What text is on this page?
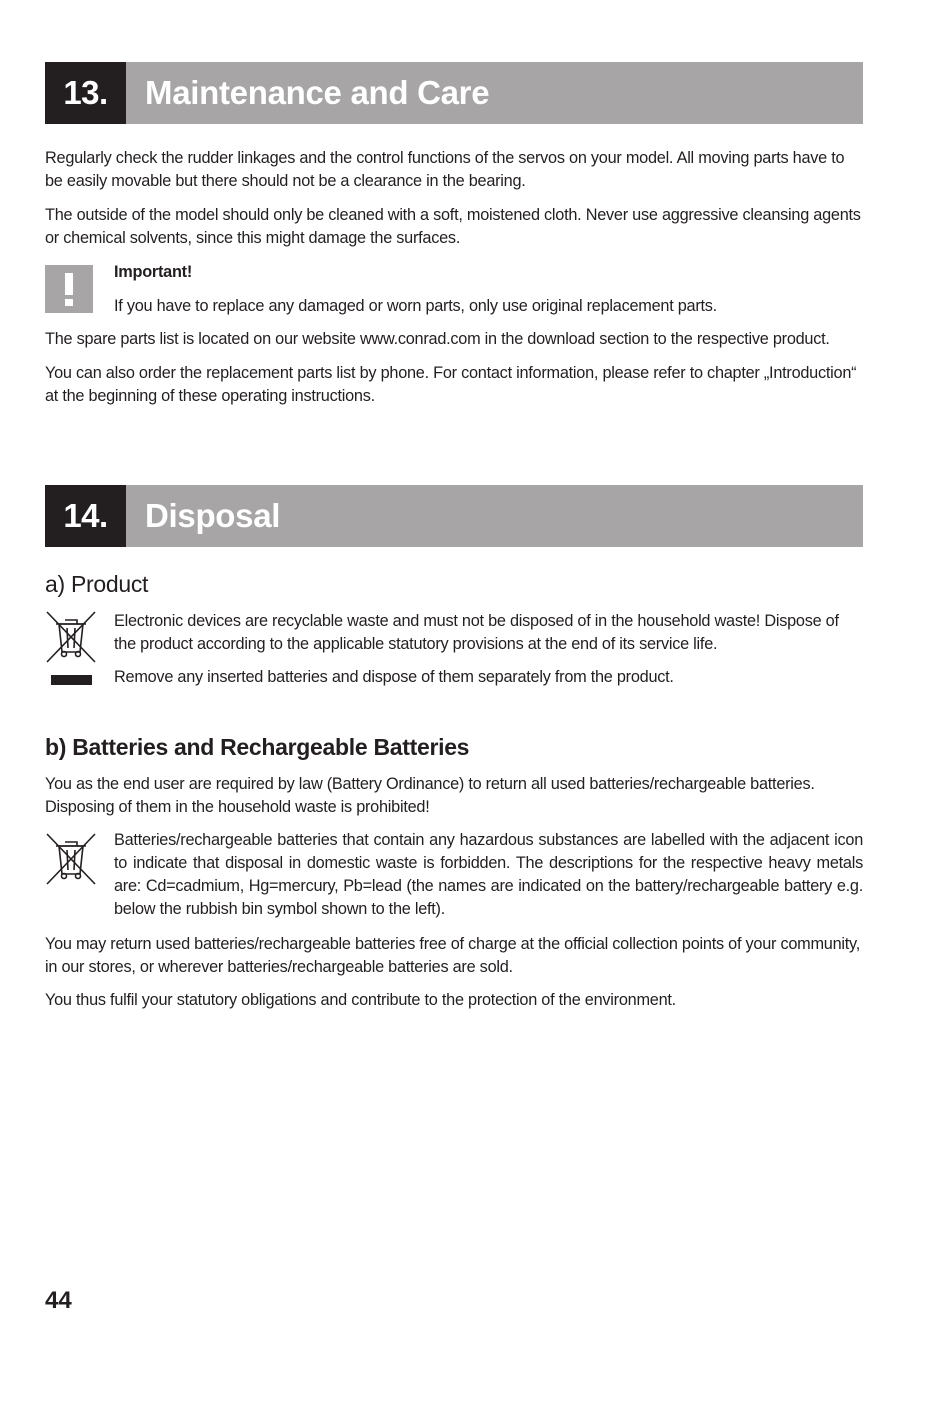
13.	Maintenance and Care

Regularly check the rudder linkages and the control functions of the servos on your model. All moving parts have to be easily movable but there should not be a clearance in the bearing.

The outside of the model should only be cleaned with a soft, moistened cloth. Never use aggressive cleansing agents or chemical solvents, since this might damage the surfaces.

Important!

If you have to replace any damaged or worn parts, only use original replacement parts.

The spare parts list is located on our website www.conrad.com in the download section to the respective product.

You can also order the replacement parts list by phone. For contact information, please refer to chapter „Introduction“ at the beginning of these operating instructions.

14.	Disposal
a) Product

Electronic devices are recyclable waste and must not be disposed of in the household waste! Dispose of the product according to the applicable statutory provisions at the end of its service life.

Remove any inserted batteries and dispose of them separately from the product.

b) Batteries and Rechargeable Batteries

You as the end user are required by law (Battery Ordinance) to return all used batteries/rechargeable batteries. Disposing of them in the household waste is prohibited!

Batteries/rechargeable batteries that contain any hazardous substances are labelled with the adjacent icon to indicate that disposal in domestic waste is forbidden. The descriptions for the respective heavy metals are: Cd=cadmium, Hg=mercury, Pb=lead (the names are indicated on the battery/rechargeable battery e.g. below the rubbish bin symbol shown to the left).

You may return used batteries/rechargeable batteries free of charge at the official collection points of your community, in our stores, or wherever batteries/rechargeable batteries are sold.

You thus fulfil your statutory obligations and contribute to the protection of the environment.

44
